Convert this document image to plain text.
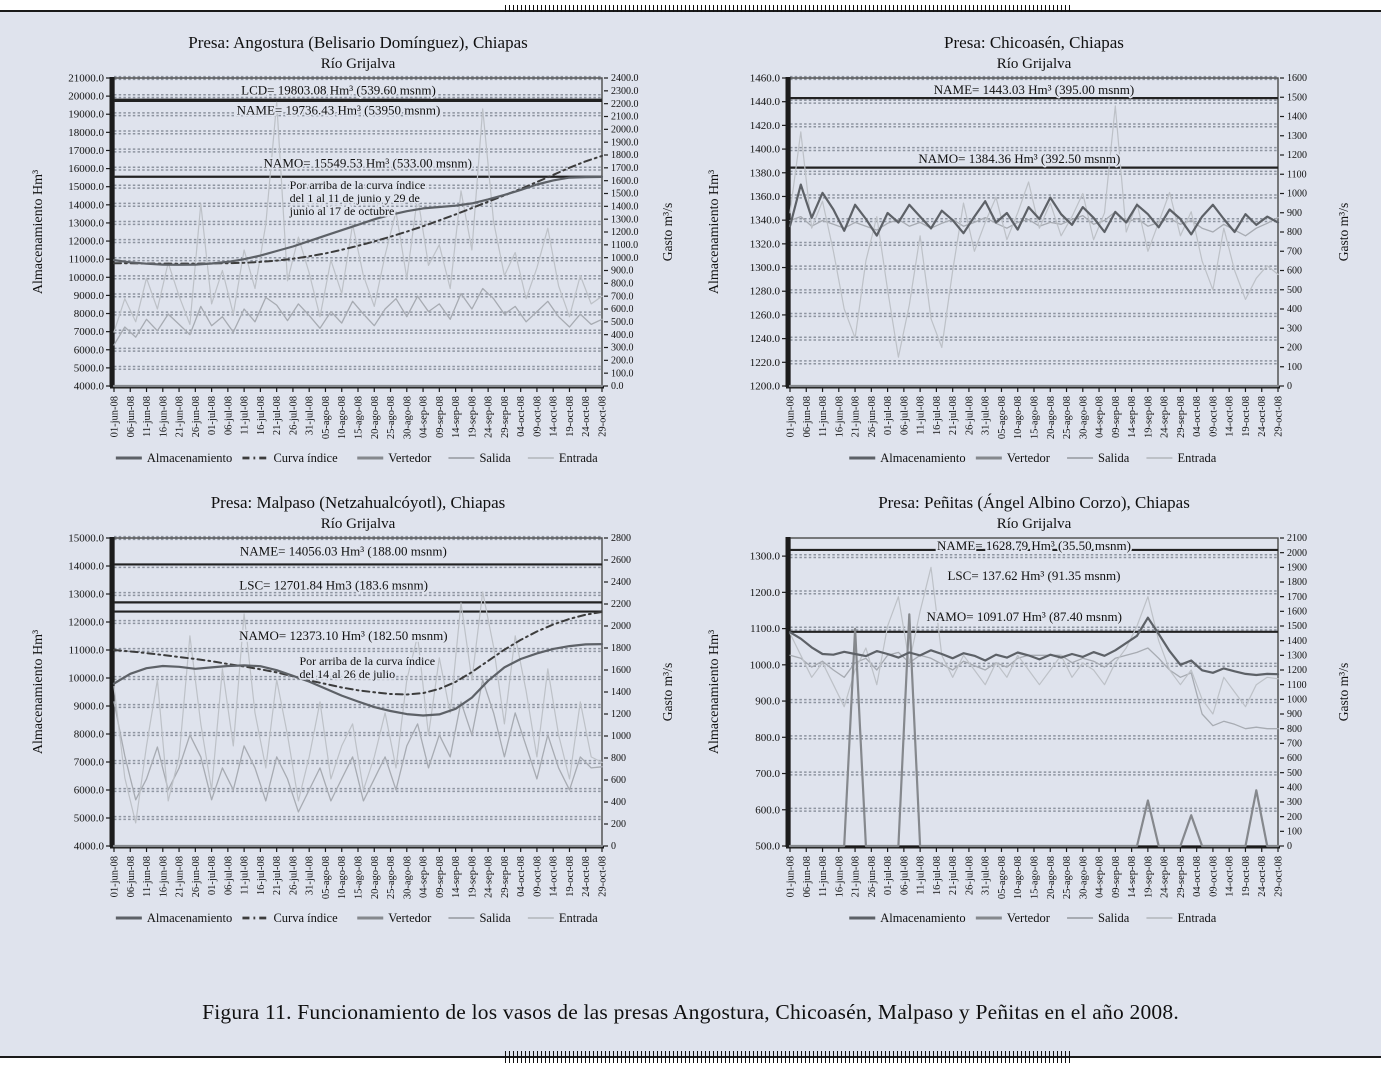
Presa: Angostura (Belisario Domínguez), Chiapas
Río Grijalva
4000.0
5000.0
6000.0
7000.0
8000.0
9000.0
10000.0
11000.0
12000.0
13000.0
14000.0
15000.0
16000.0
17000.0
18000.0
19000.0
20000.0
21000.0
Almacenamiento Hm³
0.0
100.0
200.0
300.0
400.0
500.0
600.0
700.0
800.0
900.0
1000.0
1100.0
1200.0
1300.0
1400.0
1500.0
1600.0
1700.0
1800.0
1900.0
2000.0
2100.0
2200.0
2300.0
2400.0
Gasto m³/s
01-jun-08 06-jun-08 11-jun-08 16-jun-08 21-jun-08 26-jun-08 01-jul-08 06-jul-08 11-jul-08 16-jul-08 21-jul-08 26-jul-08 31-jul-08 05-ago-08 10-ago-08 15-ago-08 20-ago-08 25-ago-08 30-ago-08 04-sep-08 09-sep-08 14-sep-08 19-sep-08 24-sep-08 29-sep-08 04-oct-08 09-oct-08 14-oct-08 19-oct-08 24-oct-08 29-oct-08
LCD= 19803.08 Hm³ (539.60 msnm)
NAME= 19736.43 Hm³ (53950 msnm)
NAMO= 15549.53 Hm³ (533.00 msnm)
Por arriba de la curva índice
del 1 al 11 de junio y 29 de
junio al 17 de octubre
Almacenamiento	Curva índice	Vertedor	Salida	Entrada
Presa: Chicoasén, Chiapas
Río Grijalva
1200.0
1220.0
1240.0
1260.0
1280.0
1300.0
1320.0
1340.0
1360.0
1380.0
1400.0
1420.0
1440.0
1460.0
Almacenamiento Hm³
0
100
200
300
400
500
600
700
800
900
1000
1100
1200
1300
1400
1500
1600
Gasto m³/s
01-jun-08 06-jun-08 11-jun-08 16-jun-08 21-jun-08 26-jun-08 01-jul-08 06-jul-08 11-jul-08 16-jul-08 21-jul-08 26-jul-08 31-jul-08 05-ago-08 10-ago-08 15-ago-08 20-ago-08 25-ago-08 30-ago-08 04-sep-08 09-sep-08 14-sep-08 19-sep-08 24-sep-08 29-sep-08 04-oct-08 09-oct-08 14-oct-08 19-oct-08 24-oct-08 29-oct-08
NAME= 1443.03 Hm³ (395.00 msnm)
NAMO= 1384.36 Hm³ (392.50 msnm)
Almacenamiento	Vertedor	Salida	Entrada
Presa: Malpaso (Netzahualcóyotl), Chiapas
Río Grijalva
4000.0
5000.0
6000.0
7000.0
8000.0
9000.0
10000.0
11000.0
12000.0
13000.0
14000.0
15000.0
Almacenamiento Hm³
0
200
400
600
800
1000
1200
1400
1600
1800
2000
2200
2400
2600
2800
Gasto m³/s
01-jun-08 06-jun-08 11-jun-08 16-jun-08 21-jun-08 26-jun-08 01-jul-08 06-jul-08 11-jul-08 16-jul-08 21-jul-08 26-jul-08 31-jul-08 05-ago-08 10-ago-08 15-ago-08 20-ago-08 25-ago-08 30-ago-08 04-sep-08 09-sep-08 14-sep-08 19-sep-08 24-sep-08 29-sep-08 04-oct-08 09-oct-08 14-oct-08 19-oct-08 24-oct-08 29-oct-08
NAME= 14056.03 Hm³ (188.00 msnm)
LSC= 12701.84 Hm3 (183.6 msnm)
NAMO= 12373.10 Hm³ (182.50 msnm)
Por arriba de la curva índice
del 14 al 26 de julio
Almacenamiento	Curva índice	Vertedor	Salida	Entrada
Presa: Peñitas (Ángel Albino Corzo), Chiapas
Río Grijalva
500.0
600.0
700.0
800.0
900.0
1000.0
1100.0
1200.0
1300.0
Almacenamiento Hm³
0
100
200
300
400
500
600
700
800
900
1000
1100
1200
1300
1400
1500
1600
1700
1800
1900
2000
2100
Gasto m³/s
01-jun-08 06-jun-08 11-jun-08 16-jun-08 21-jun-08 26-jun-08 01-jul-08 06-jul-08 11-jul-08 16-jul-08 21-jul-08 26-jul-08 31-jul-08 05-ago-08 10-ago-08 15-ago-08 20-ago-08 25-ago-08 30-ago-08 04-sep-08 09-sep-08 14-sep-08 19-sep-08 24-sep-08 29-sep-08 04-oct-08 09-oct-08 14-oct-08 19-oct-08 24-oct-08 29-oct-08
NAME= 1628.79 Hm³ (35.50 msnm)
LSC= 137.62 Hm³ (91.35 msnm)
NAMO= 1091.07 Hm³ (87.40 msnm)
Almacenamiento	Vertedor	Salida	Entrada
Figura 11. Funcionamiento de los vasos de las presas Angostura, Chicoasén, Malpaso y Peñitas en el año 2008.
